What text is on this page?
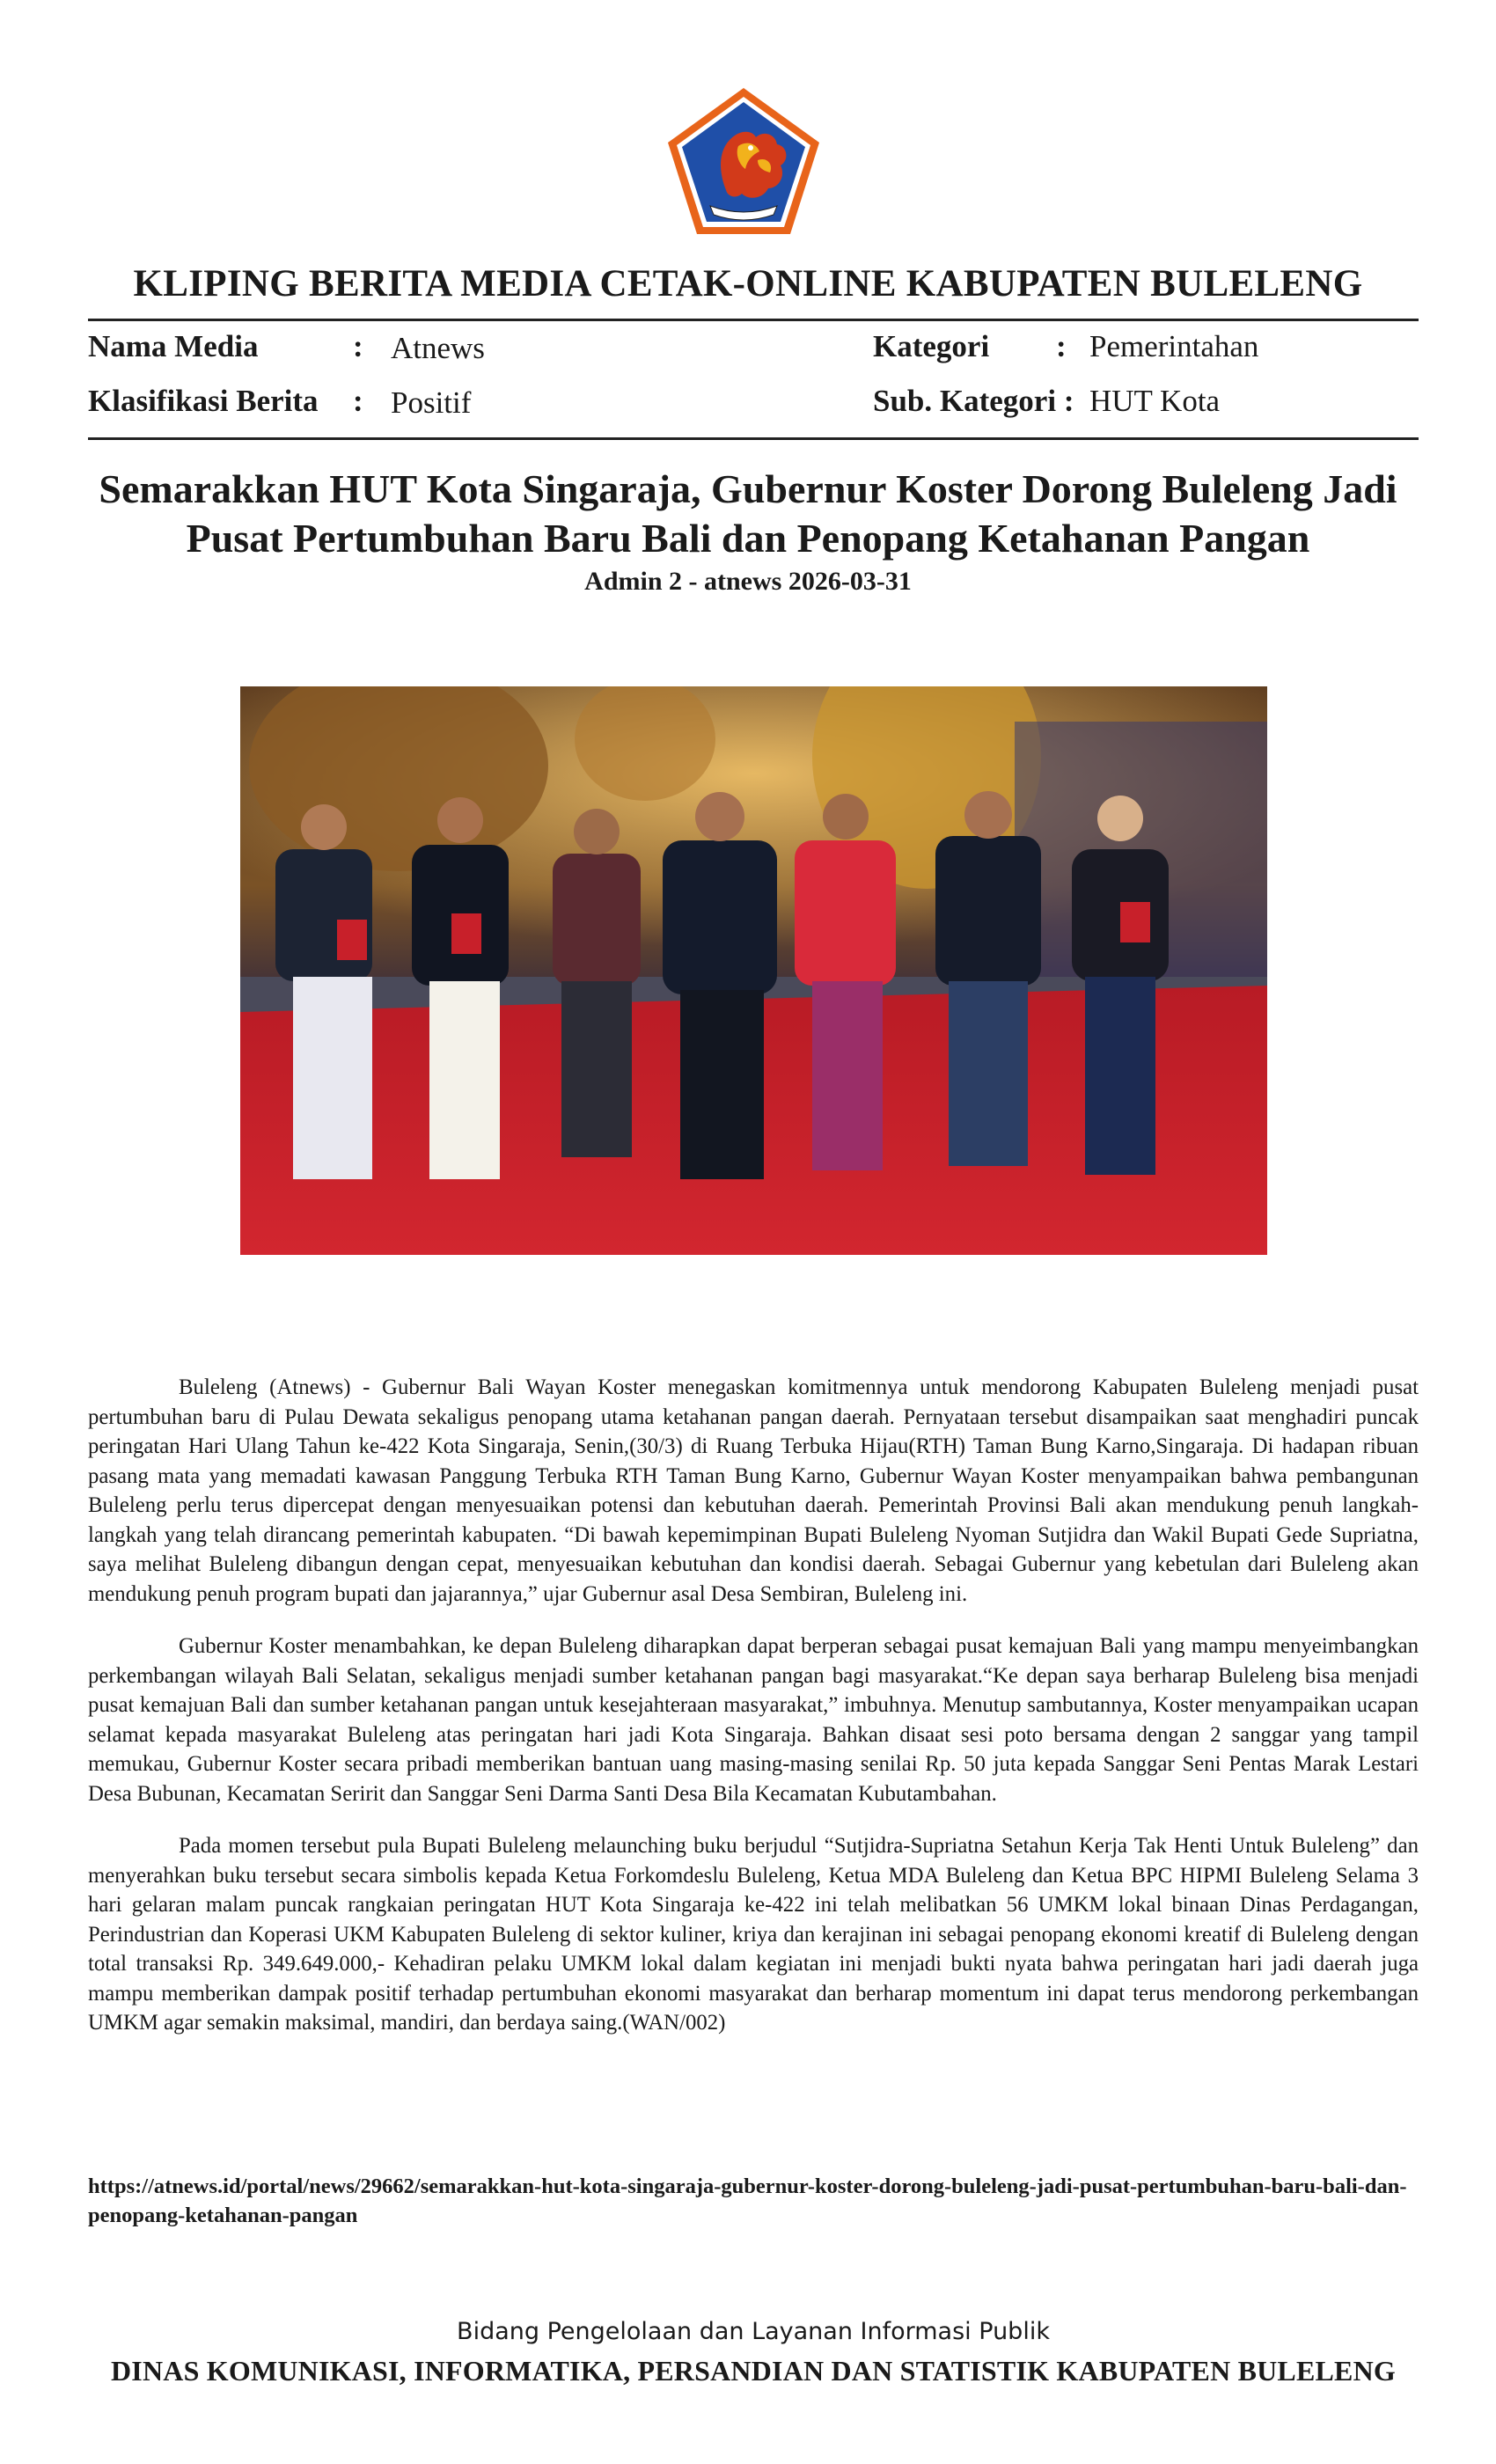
KLIPING BERITA MEDIA CETAK-ONLINE KABUPATEN BULELENG
Nama Media	: Atnews
Klasifikasi Berita : Positif
Kategori : Pemerintahan
Sub. Kategori : HUT Kota
Semarakkan HUT Kota Singaraja, Gubernur Koster Dorong Buleleng Jadi
Pusat Pertumbuhan Baru Bali dan Penopang Ketahanan Pangan
Admin 2 - atnews 2026-03-31

Buleleng (Atnews) - Gubernur Bali Wayan Koster menegaskan komitmennya untuk mendorong Kabupaten Buleleng menjadi pusat pertumbuhan baru di Pulau Dewata sekaligus penopang utama ketahanan pangan daerah. Pernyataan tersebut disampaikan saat menghadiri puncak peringatan Hari Ulang Tahun ke-422 Kota Singaraja, Senin,(30/3) di Ruang Terbuka Hijau(RTH) Taman Bung Karno,Singaraja. Di hadapan ribuan pasang mata yang memadati kawasan Panggung Terbuka RTH Taman Bung Karno, Gubernur Wayan Koster menyampaikan bahwa pembangunan Buleleng perlu terus dipercepat dengan menyesuaikan potensi dan kebutuhan daerah. Pemerintah Provinsi Bali akan mendukung penuh langkah-langkah yang telah dirancang pemerintah kabupaten. “Di bawah kepemimpinan Bupati Buleleng Nyoman Sutjidra dan Wakil Bupati Gede Supriatna, saya melihat Buleleng dibangun dengan cepat, menyesuaikan kebutuhan dan kondisi daerah. Sebagai Gubernur yang kebetulan dari Buleleng akan mendukung penuh program bupati dan jajarannya,” ujar Gubernur asal Desa Sembiran, Buleleng ini.

Gubernur Koster menambahkan, ke depan Buleleng diharapkan dapat berperan sebagai pusat kemajuan Bali yang mampu menyeimbangkan perkembangan wilayah Bali Selatan, sekaligus menjadi sumber ketahanan pangan bagi masyarakat.“Ke depan saya berharap Buleleng bisa menjadi pusat kemajuan Bali dan sumber ketahanan pangan untuk kesejahteraan masyarakat,” imbuhnya. Menutup sambutannya, Koster menyampaikan ucapan selamat kepada masyarakat Buleleng atas peringatan hari jadi Kota Singaraja. Bahkan disaat sesi poto bersama dengan 2 sanggar yang tampil memukau, Gubernur Koster secara pribadi memberikan bantuan uang masing-masing senilai Rp. 50 juta kepada Sanggar Seni Pentas Marak Lestari Desa Bubunan, Kecamatan Seririt dan Sanggar Seni Darma Santi Desa Bila Kecamatan Kubutambahan.

Pada momen tersebut pula Bupati Buleleng melaunching buku berjudul “Sutjidra-Supriatna Setahun Kerja Tak Henti Untuk Buleleng” dan menyerahkan buku tersebut secara simbolis kepada Ketua Forkomdeslu Buleleng, Ketua MDA Buleleng dan Ketua BPC HIPMI Buleleng Selama 3 hari gelaran malam puncak rangkaian peringatan HUT Kota Singaraja ke-422 ini telah melibatkan 56 UMKM lokal binaan Dinas Perdagangan, Perindustrian dan Koperasi UKM Kabupaten Buleleng di sektor kuliner, kriya dan kerajinan ini sebagai penopang ekonomi kreatif di Buleleng dengan total transaksi Rp. 349.649.000,- Kehadiran pelaku UMKM lokal dalam kegiatan ini menjadi bukti nyata bahwa peringatan hari jadi daerah juga mampu memberikan dampak positif terhadap pertumbuhan ekonomi masyarakat dan berharap momentum ini dapat terus mendorong perkembangan UMKM agar semakin maksimal, mandiri, dan berdaya saing.(WAN/002)

https://atnews.id/portal/news/29662/semarakkan-hut-kota-singaraja-gubernur-koster-dorong-buleleng-jadi-pusat-pertumbuhan-baru-bali-dan-penopang-ketahanan-pangan
Bidang Pengelolaan dan Layanan Informasi Publik
DINAS KOMUNIKASI, INFORMATIKA, PERSANDIAN DAN STATISTIK KABUPATEN BULELENG
